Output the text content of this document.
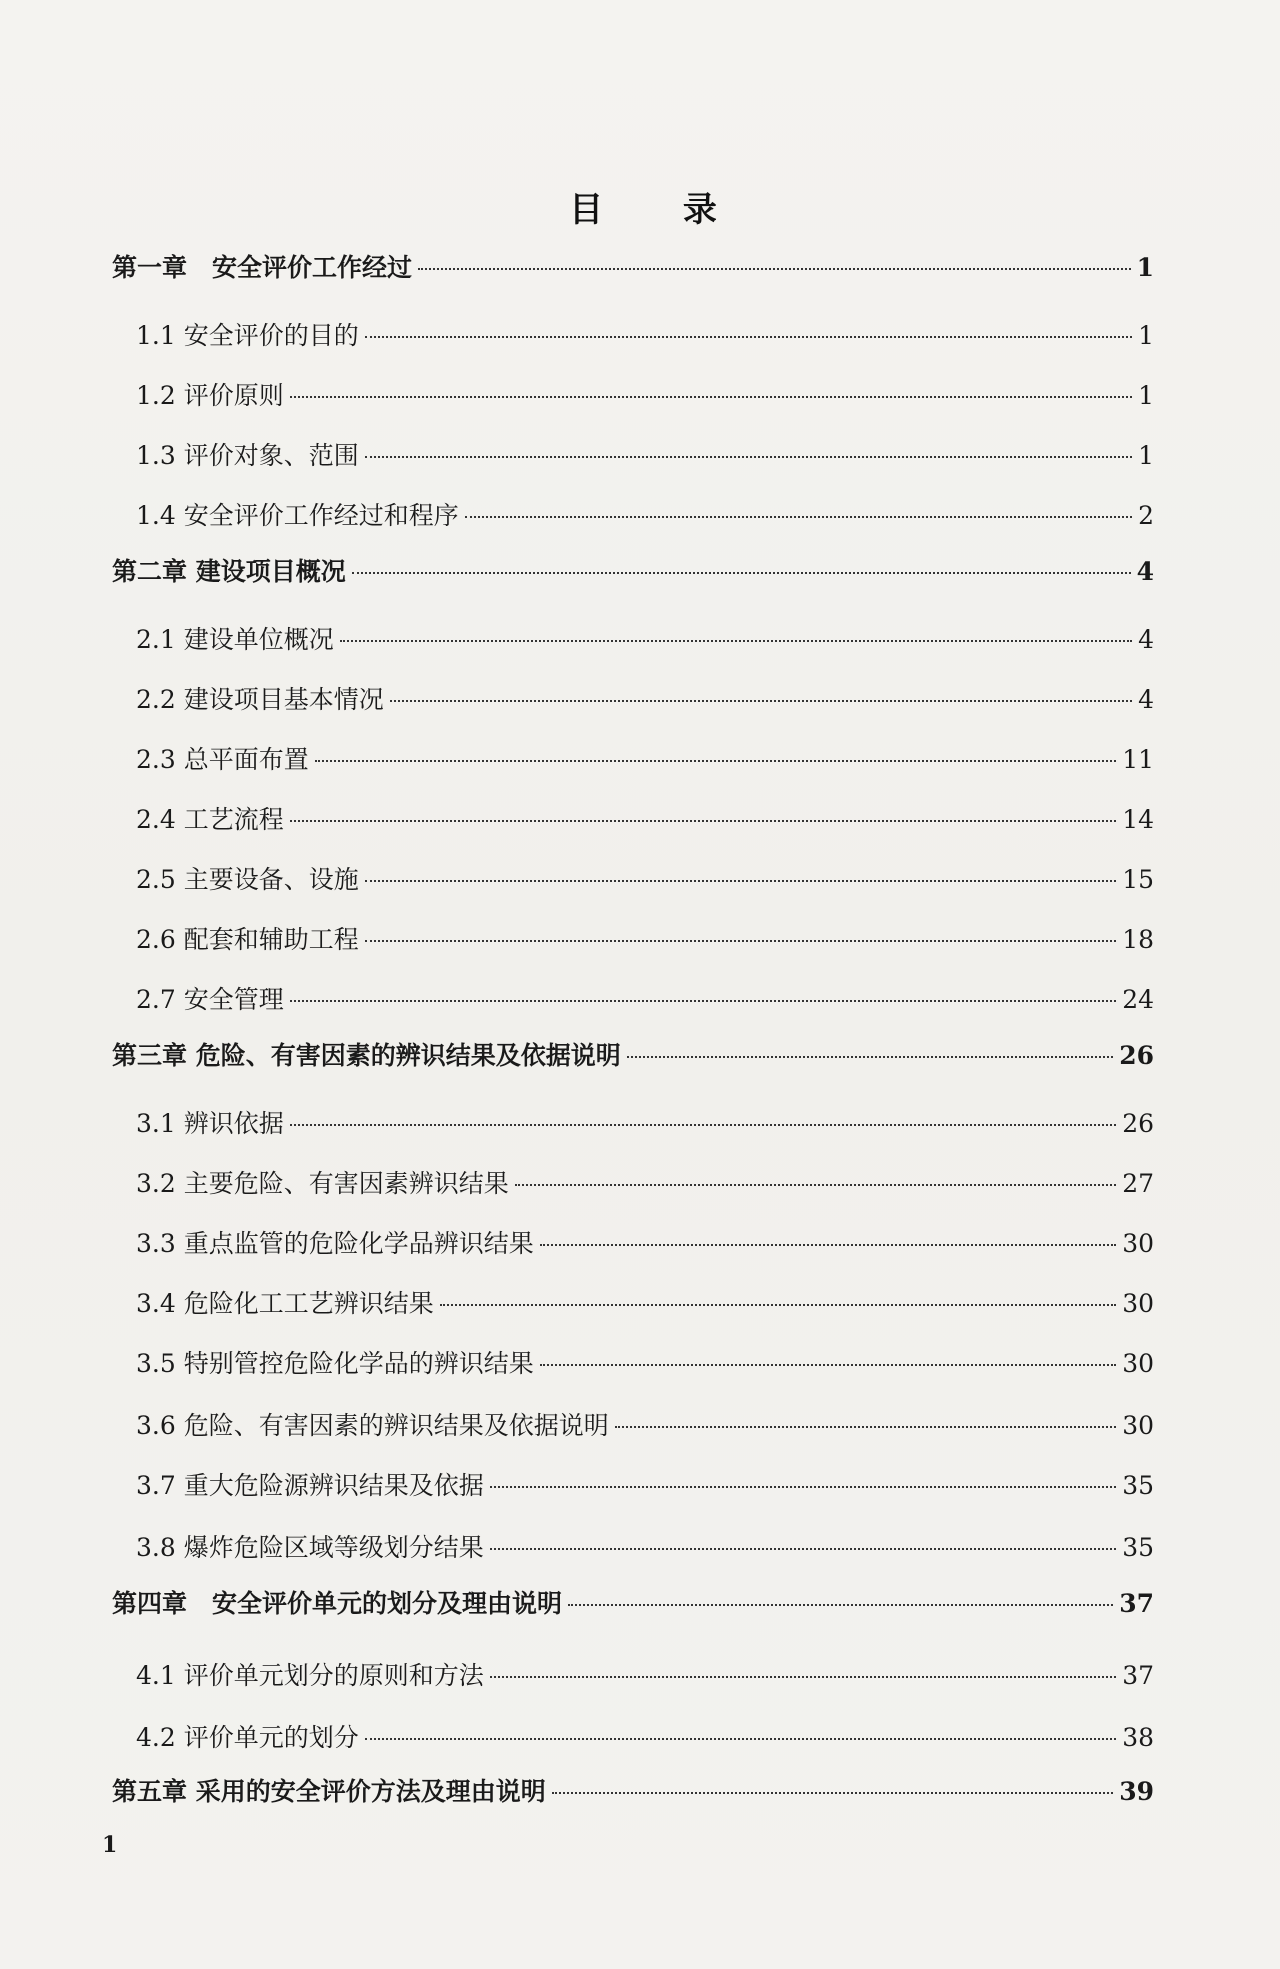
目 录
第一章　安全评价工作经过	1
1.1 安全评价的目的	1
1.2 评价原则	1
1.3 评价对象、范围	1
1.4 安全评价工作经过和程序	2
第二章 建设项目概况	4
2.1 建设单位概况	4
2.2 建设项目基本情况	4
2.3 总平面布置	11
2.4 工艺流程	14
2.5 主要设备、设施	15
2.6 配套和辅助工程	18
2.7 安全管理	24
第三章 危险、有害因素的辨识结果及依据说明	26
3.1 辨识依据	26
3.2 主要危险、有害因素辨识结果	27
3.3 重点监管的危险化学品辨识结果	30
3.4 危险化工工艺辨识结果	30
3.5 特别管控危险化学品的辨识结果	30
3.6 危险、有害因素的辨识结果及依据说明	30
3.7 重大危险源辨识结果及依据	35
3.8 爆炸危险区域等级划分结果	35
第四章　安全评价单元的划分及理由说明	37
4.1 评价单元划分的原则和方法	37
4.2 评价单元的划分	38
第五章 采用的安全评价方法及理由说明	39
1
